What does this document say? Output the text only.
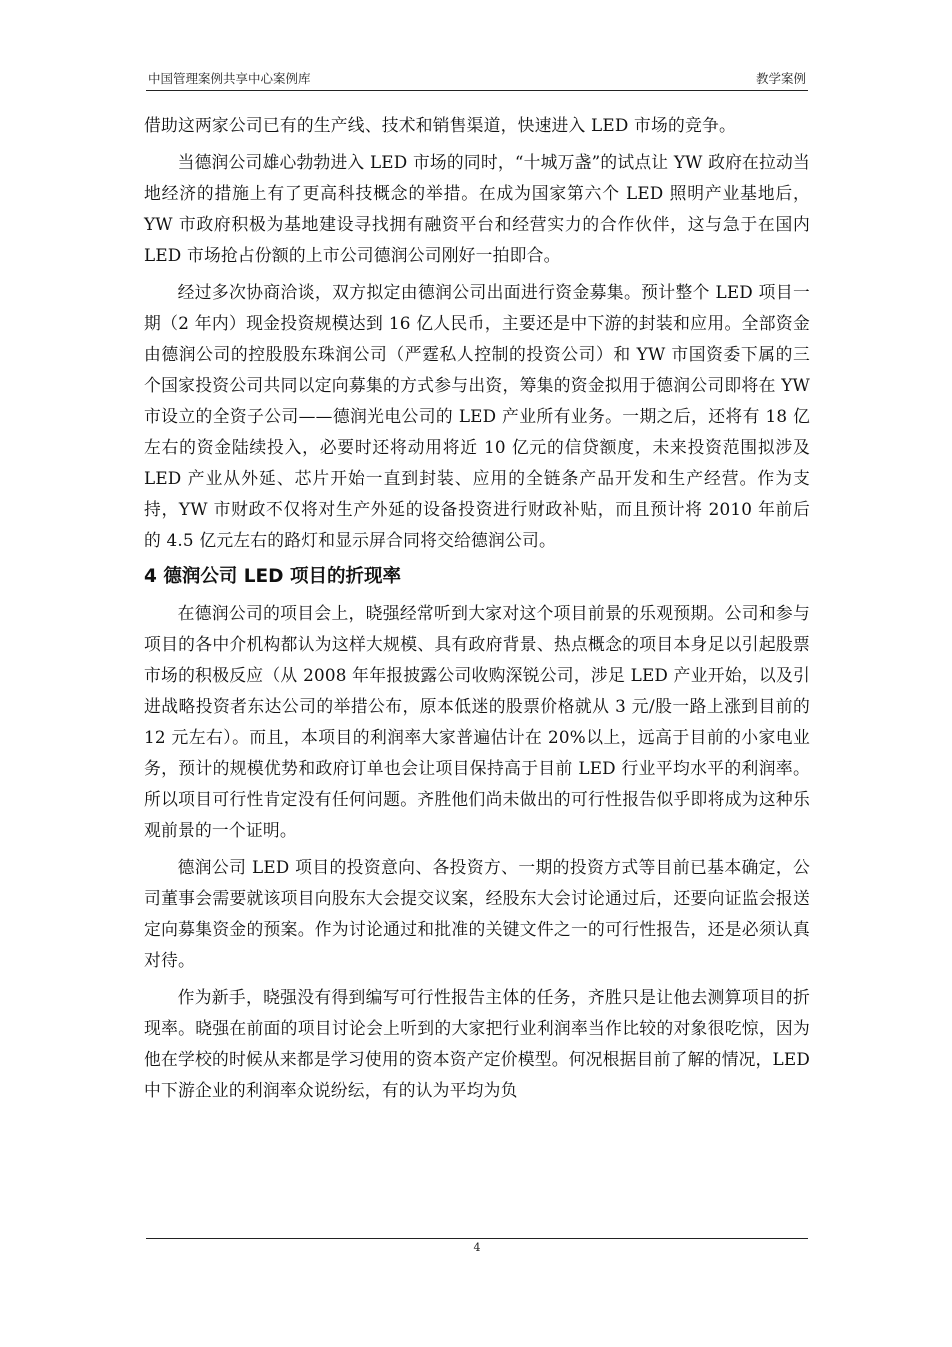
中国管理案例共享中心案例库	教学案例

借助这两家公司已有的生产线、技术和销售渠道，快速进入 LED 市场的竞争。

当德润公司雄心勃勃进入 LED 市场的同时，“十城万盏”的试点让 YW 政府在拉动当地经济的措施上有了更高科技概念的举措。在成为国家第六个 LED 照明产业基地后，YW 市政府积极为基地建设寻找拥有融资平台和经营实力的合作伙伴，这与急于在国内 LED 市场抢占份额的上市公司德润公司刚好一拍即合。

经过多次协商洽谈，双方拟定由德润公司出面进行资金募集。预计整个 LED 项目一期（2 年内）现金投资规模达到 16 亿人民币，主要还是中下游的封装和应用。全部资金由德润公司的控股股东珠润公司（严霆私人控制的投资公司）和 YW 市国资委下属的三个国家投资公司共同以定向募集的方式参与出资，筹集的资金拟用于德润公司即将在 YW 市设立的全资子公司——德润光电公司的 LED 产业所有业务。一期之后，还将有 18 亿左右的资金陆续投入，必要时还将动用将近 10 亿元的信贷额度，未来投资范围拟涉及 LED 产业从外延、芯片开始一直到封装、应用的全链条产品开发和生产经营。作为支持，YW 市财政不仅将对生产外延的设备投资进行财政补贴，而且预计将 2010 年前后的 4.5 亿元左右的路灯和显示屏合同将交给德润公司。

4 德润公司 LED 项目的折现率

在德润公司的项目会上，晓强经常听到大家对这个项目前景的乐观预期。公司和参与项目的各中介机构都认为这样大规模、具有政府背景、热点概念的项目本身足以引起股票市场的积极反应（从 2008 年年报披露公司收购深锐公司，涉足 LED 产业开始，以及引进战略投资者东达公司的举措公布，原本低迷的股票价格就从 3 元/股一路上涨到目前的 12 元左右）。而且，本项目的利润率大家普遍估计在 20%以上，远高于目前的小家电业务，预计的规模优势和政府订单也会让项目保持高于目前 LED 行业平均水平的利润率。所以项目可行性肯定没有任何问题。齐胜他们尚未做出的可行性报告似乎即将成为这种乐观前景的一个证明。

德润公司 LED 项目的投资意向、各投资方、一期的投资方式等目前已基本确定，公司董事会需要就该项目向股东大会提交议案，经股东大会讨论通过后，还要向证监会报送定向募集资金的预案。作为讨论通过和批准的关键文件之一的可行性报告，还是必须认真对待。

作为新手，晓强没有得到编写可行性报告主体的任务，齐胜只是让他去测算项目的折现率。晓强在前面的项目讨论会上听到的大家把行业利润率当作比较的对象很吃惊，因为他在学校的时候从来都是学习使用的资本资产定价模型。何况根据目前了解的情况，LED 中下游企业的利润率众说纷纭，有的认为平均为负

4
